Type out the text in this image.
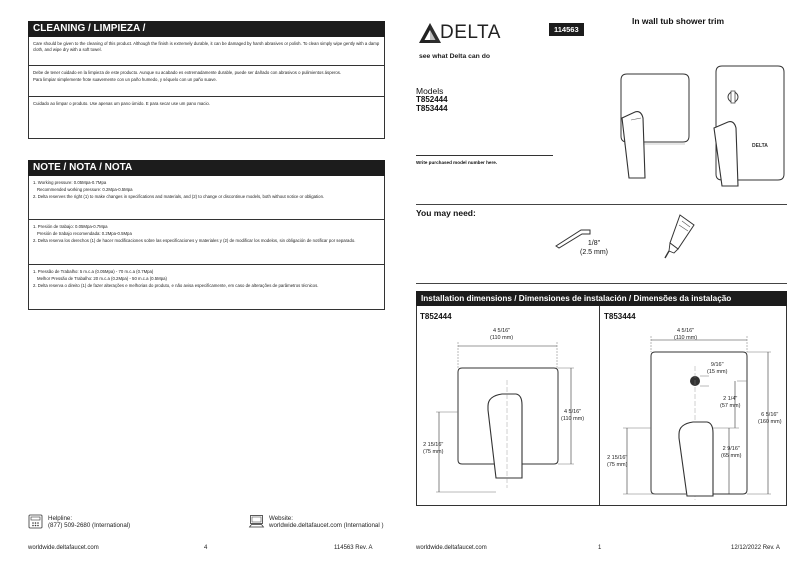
CLEANING / LIMPIEZA /

Care should be given to the cleaning of this product. Although the finish is extremely durable, it can be damaged by harsh abrasives or polish. To clean simply wipe gently with a damp cloth, and wipe dry with a soft towel.

Debe de tener cuidado en la limpieza de este producto. Aunque su acabado es extremadamente durable, puede ser dañado con abrasivos o pulimientos ásperos.

Para limpiar simplemente frote suavemente con un paño humedo, y séquelo con un paño suave.

Cuidado ao limpar o produto. Use apenas um pano úmido. E para secar use um pano macio.

NOTE / NOTA / NOTA

1. Working pressure: 0.05Mpa-0.7Mpa

Recommended working pressure: 0.2Mpa-0.5Mpa

2. Delta reserves the right (1) to make changes in specifications and materials, and (2) to change or discontinue models, both without notice or obligation.

1. Presión de trabajo: 0.05Mpa-0.7Mpa

Presión de trabajo recomendada: 0.2Mpa-0.5Mpa

2. Delta reserva los derechos (1) de hacer modificaciones sobre las especificaciones y materiales y (2) de modificar los modelos, sin obligación de notificar por separado.

1. Pressão de Trabalho: 5 m.c.a (0.05Mpa) - 70 m.c.a (0.7Mpa)

Melhor Pressão de Trabalho: 20 m.c.a (0.2Mpa) - 50 m.c.a (0.5Mpa)

2. Delta reserva o direito (1) de fazer alterações e melhorias do produto, e não avisa especificamente, em caso de alterações de parâmetros técnicos.

Helpline:
(877) 509-2680 (International)
Website:
worldwide.deltafaucet.com (International )
worldwide.deltafaucet.com	4	114563 Rev. A
DELTA
see what Delta can do
114563
In wall tub shower trim
DELTA
Models
T852444
T853444
Write purchased model number here.
You may need:
1/8"
(2.5 mm)
Installation dimensions / Dimensiones de instalación / Dimensões da instalação
T852444	T853444
4 5/16"
(110 mm)
4 5/16"
(110 mm)
2 15/16"
(75 mm)
4 5/16"
(110 mm)
9/16"
(15 mm)
2 1/4"
(57 mm)
6 5/16"
(160 mm)
2 9/16"
(65 mm)
2 15/16"
(75 mm)
worldwide.deltafaucet.com	1	12/12/2022 Rev. A
